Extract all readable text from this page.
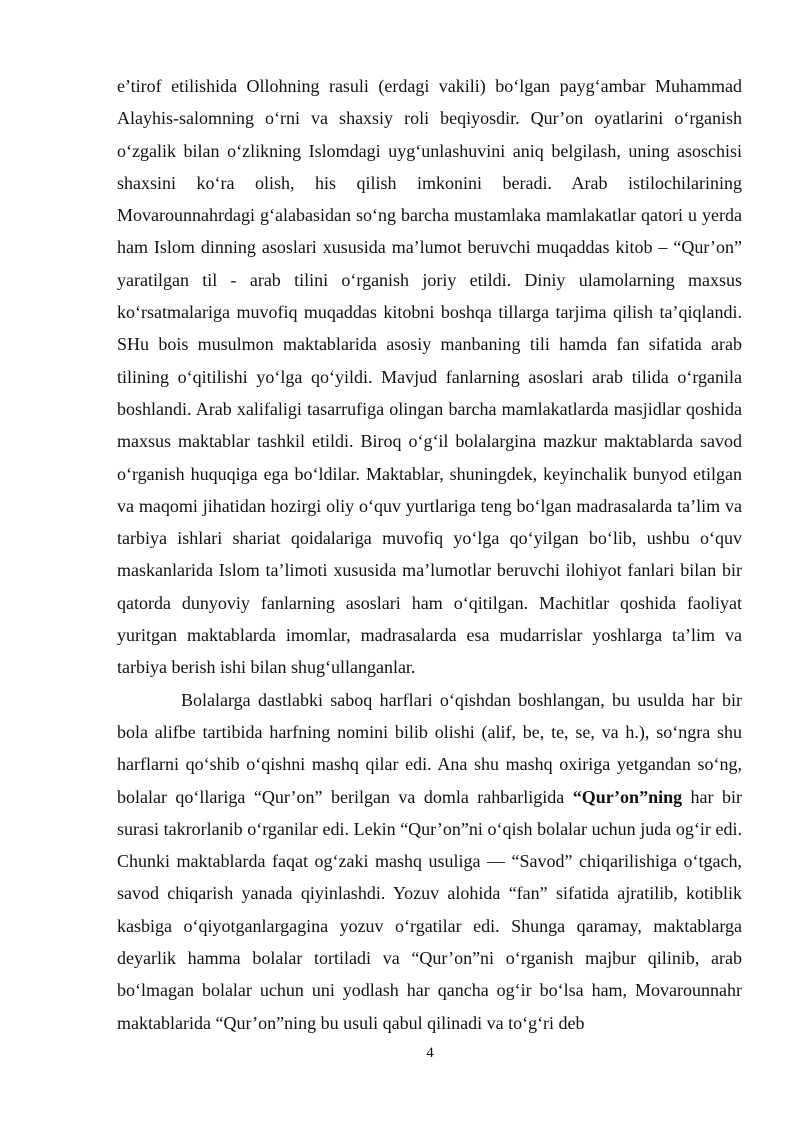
e’tirof etilishida Ollohning rasuli (erdagi vakili) bo‘lgan payg‘ambar Muhammad Alayhis-salomning o‘rni va shaxsiy roli beqiyosdir. Qur’on oyatlarini o‘rganish o‘zgalik bilan o‘zlikning Islomdagi uyg‘unlashuvini aniq belgilash, uning asoschisi shaxsini ko‘ra olish, his qilish imkonini beradi. Arab istilochilarining Movarounnahrdagi g‘alabasidan so‘ng barcha mustamlaka mamlakatlar qatori u yerda ham Islom dinning asoslari xususida ma’lumot beruvchi muqaddas kitob – “Qur’on” yaratilgan til - arab tilini o‘rganish joriy etildi. Diniy ulamolarning maxsus ko‘rsatmalariga muvofiq muqaddas kitobni boshqa tillarga tarjima qilish ta’qiqlandi. SHu bois musulmon maktablarida asosiy manbaning tili hamda fan sifatida arab tilining o‘qitilishi yo‘lga qo‘yildi. Mavjud fanlarning asoslari arab tilida o‘rganila boshlandi. Arab xalifaligi tasarrufiga olingan barcha mamlakatlarda masjidlar qoshida maxsus maktablar tashkil etildi. Biroq o‘g‘il bolalargina mazkur maktablarda savod o‘rganish huquqiga ega bo‘ldilar. Maktablar, shuningdek, keyinchalik bunyod etilgan va maqomi jihatidan hozirgi oliy o‘quv yurtlariga teng bo‘lgan madrasalarda ta’lim va tarbiya ishlari shariat qoidalariga muvofiq yo‘lga qo‘yilgan bo‘lib, ushbu o‘quv maskanlarida Islom ta’limoti xususida ma’lumotlar beruvchi ilohiyot fanlari bilan bir qatorda dunyoviy fanlarning asoslari ham o‘qitilgan. Machitlar qoshida faoliyat yuritgan maktablarda imomlar, madrasalarda esa mudarrislar yoshlarga ta’lim va tarbiya berish ishi bilan shug‘ullanganlar.

Bolalarga dastlabki saboq harflari o‘qishdan boshlangan, bu usulda har bir bola alifbe tartibida harfning nomini bilib olishi (alif, be, te, se, va h.), so‘ngra shu harflarni qo‘shib o‘qishni mashq qilar edi. Ana shu mashq oxiriga yetgandan so‘ng, bolalar qo‘llariga “Qur’on” berilgan va domla rahbarligida “Qur’on”ning har bir surasi takrorlanib o‘rganilar edi. Lekin “Qur’on”ni o‘qish bolalar uchun juda og‘ir edi. Chunki maktablarda faqat og‘zaki mashq usuliga — “Savod” chiqarilishiga o‘tgach, savod chiqarish yanada qiyinlashdi. Yozuv alohida “fan” sifatida ajratilib, kotiblik kasbiga o‘qiyotganlargagina yozuv o‘rgatilar edi. Shunga qaramay, maktablarga deyarlik hamma bolalar tortiladi va “Qur’on”ni o‘rganish majbur qilinib, arab bo‘lmagan bolalar uchun uni yodlash har qancha og‘ir bo‘lsa ham, Movarounnahr maktablarida “Qur’on”ning bu usuli qabul qilinadi va to‘g‘ri deb

4
